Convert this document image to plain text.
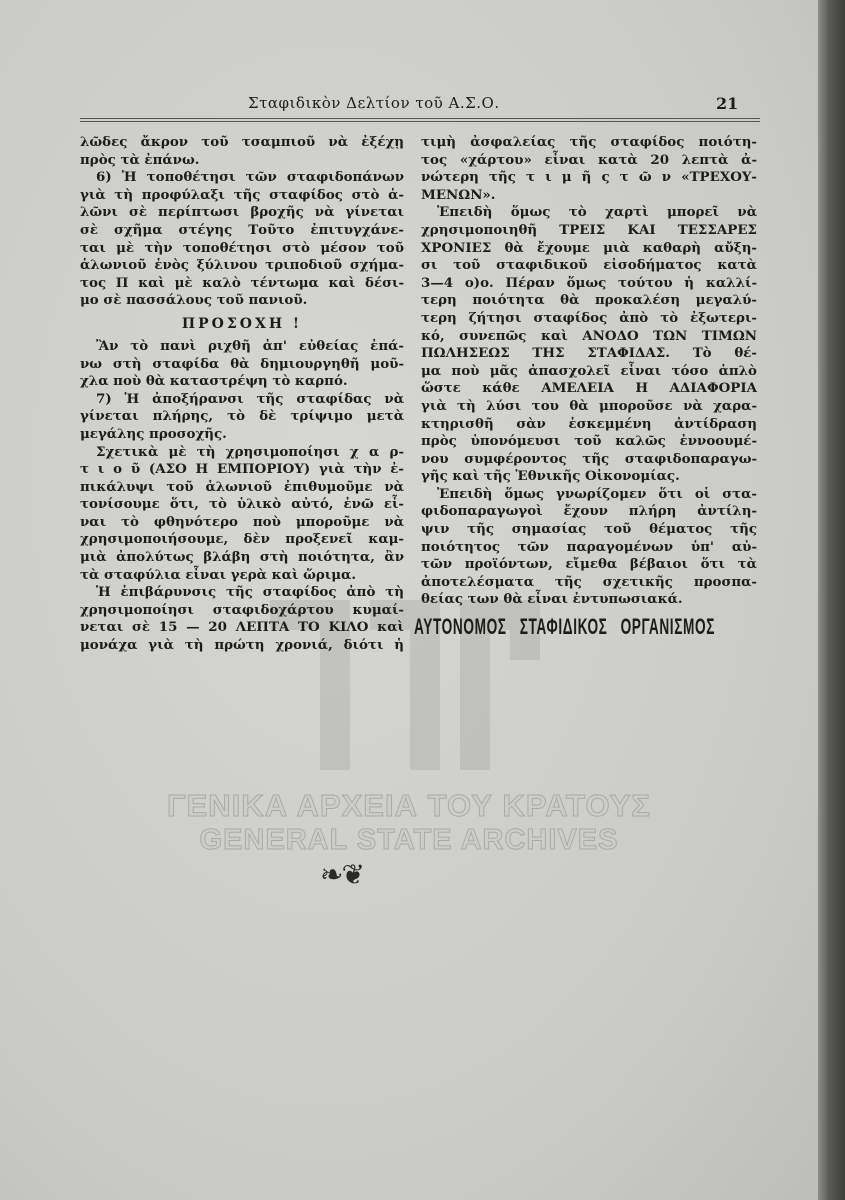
Σταφιδικὸν Δελτίον τοῦ Α.Σ.Ο.	21
λῶδες ἄκρον τοῦ τσαμπιοῦ νὰ ἐξέχῃ
πρὸς τὰ ἐπάνω.
6) Ἡ τοποθέτησι τῶν σταφιδοπάνων
γιὰ τὴ προφύλαξι τῆς σταφίδος στὸ ἁ-
λῶνι σὲ περίπτωσι βροχῆς νὰ γίνεται
σὲ σχῆμα στέγης Τοῦτο ἐπιτυγχάνε-
ται μὲ τὴν τοποθέτησι στὸ μέσον τοῦ
ἁλωνιοῦ ἑνὸς ξύλινου τριποδιοῦ σχήμα-
τος Π καὶ μὲ καλὸ τέντωμα καὶ δέσι-
μο σὲ πασσάλους τοῦ πανιοῦ.
ΠΡΟΣΟΧΗ !
Ἂν τὸ πανὶ ριχθῆ ἀπ' εὐθείας ἐπά-
νω στὴ σταφίδα θὰ δημιουργηθῆ μοῦ-
χλα ποὺ θὰ καταστρέψη τὸ καρπό.
7) Ἡ ἀποξήρανσι τῆς σταφίδας νὰ
γίνεται πλήρης, τὸ δὲ τρίψιμο μετὰ
μεγάλης προσοχῆς.
Σχετικὰ μὲ τὴ χρησιμοποίησι χ α ρ-
τ ι ο ῦ (ΑΣΟ Η ΕΜΠΟΡΙΟΥ) γιὰ τὴν ἐ-
πικάλυψι τοῦ ἁλωνιοῦ ἐπιθυμοῦμε νὰ
τονίσουμε ὅτι, τὸ ὑλικὸ αὐτό, ἐνῶ εἶ-
ναι τὸ φθηνότερο ποὺ μποροῦμε νὰ
χρησιμοποιήσουμε, δὲν προξενεῖ καμ-
μιὰ ἀπολύτως βλάβη στὴ ποιότητα, ἂν
τὰ σταφύλια εἶναι γερὰ καὶ ὥριμα.
Ἡ ἐπιβάρυνσις τῆς σταφίδος ἀπὸ τὴ
χρησιμοποίησι σταφιδοχάρτου κυμαί-
νεται σὲ 15 — 20 ΛΕΠΤΑ ΤΟ ΚΙΛΟ καὶ
μονάχα γιὰ τὴ πρώτη χρονιά, διότι ἡ
τιμὴ ἀσφαλείας τῆς σταφίδος ποιότη-
τος «χάρτου» εἶναι κατὰ 20 λεπτὰ ἀ-
νώτερη τῆς τ ι μ ῆ ς τ ῶ ν «ΤΡΕΧΟΥ-
ΜΕΝΩΝ».
Ἐπειδὴ ὅμως τὸ χαρτὶ μπορεῖ νὰ
χρησιμοποιηθῆ ΤΡΕΙΣ ΚΑΙ ΤΕΣΣΑΡΕΣ
ΧΡΟΝΙΕΣ θὰ ἔχουμε μιὰ καθαρὴ αὔξη-
σι τοῦ σταφιδικοῦ εἰσοδήματος κατὰ
3—4 ο)ο. Πέραν ὅμως τούτου ἡ καλλί-
τερη ποιότητα θὰ προκαλέση μεγαλύ-
τερη ζήτησι σταφίδος ἀπὸ τὸ ἐξωτερι-
κό, συνεπῶς καὶ ΑΝΟΔΟ ΤΩΝ ΤΙΜΩΝ
ΠΩΛΗΣΕΩΣ ΤΗΣ ΣΤΑΦΙΔΑΣ. Τὸ θέ-
μα ποὺ μᾶς ἀπασχολεῖ εἶναι τόσο ἁπλὸ
ὥστε κάθε ΑΜΕΛΕΙΑ Η ΑΔΙΑΦΟΡΙΑ
γιὰ τὴ λύσι του θὰ μποροῦσε νὰ χαρα-
κτηρισθῆ σὰν ἐσκεμμένη ἀντίδραση
πρὸς ὑπονόμευσι τοῦ καλῶς ἐννοουμέ-
νου συμφέροντος τῆς σταφιδοπαραγω-
γῆς καὶ τῆς Ἐθνικῆς Οἰκονομίας.
Ἐπειδὴ ὅμως γνωρίζομεν ὅτι οἱ στα-
φιδοπαραγωγοὶ ἔχουν πλήρη ἀντίλη-
ψιν τῆς σημασίας τοῦ θέματος τῆς
ποιότητος τῶν παραγομένων ὑπ' αὐ-
τῶν προϊόντων, εἴμεθα βέβαιοι ὅτι τὰ
ἀποτελέσματα τῆς σχετικῆς προσπα-
θείας των θὰ εἶναι ἐντυπωσιακά.
ΑΥΤΟΝΟΜΟΣ ΣΤΑΦΙΔΙΚΟΣ ΟΡΓΑΝΙΣΜΟΣ
ΓΕΝΙΚΑ ΑΡΧΕΙΑ ΤΟΥ ΚΡΑΤΟΥΣ
GENERAL STATE ARCHIVES
❧❦
